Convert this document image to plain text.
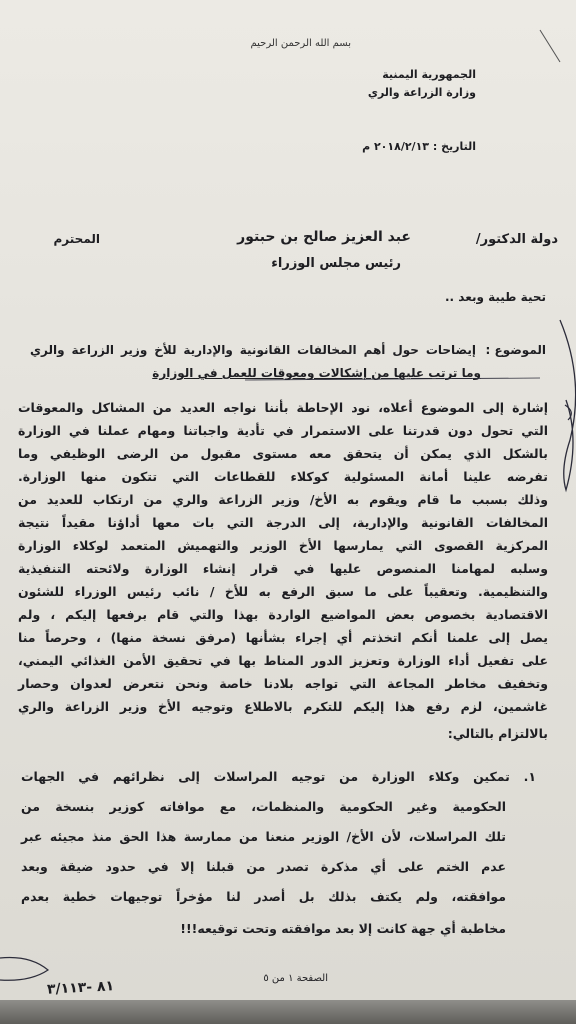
بسم الله الرحمن الرحيم
الجمهورية اليمنية
وزارة الزراعة والري
التاريخ : ٢٠١٨/٢/١٣ م
دولة الدكتور/
عبد العزيز صالح بن حبتور
المحترم
رئيس مجلس الوزراء
تحية طيبة وبعد ..
الموضوع :
إيضاحات حول أهم المخالفات القانونية والإدارية للأخ وزير الزراعة والري
وما ترتب عليها من إشكالات ومعوقات للعمل في الوزارة
إشارة إلى الموضوع أعلاه، نود الإحاطة بأننا نواجه العديد من المشاكل والمعوقات
التي تحول دون قدرتنا على الاستمرار في تأدية واجباتنا ومهام عملنا في الوزارة
بالشكل الذي يمكن أن يتحقق معه مستوى مقبول من الرضى الوظيفي وما
تفرضه علينا أمانة المسئولية كوكلاء للقطاعات التي تتكون منها الوزارة.
وذلك بسبب ما قام ويقوم به الأخ/ وزير الزراعة والري من ارتكاب للعديد من
المخالفات القانونية والإدارية، إلى الدرجة التي بات معها أداؤنا مقيداً نتيجة
المركزية القصوى التي يمارسها الأخ الوزير والتهميش المتعمد لوكلاء الوزارة
وسلبه لمهامنا المنصوص عليها في قرار إنشاء الوزارة ولائحته التنفيذية
والتنظيمية. وتعقيباً على ما سبق الرفع به للأخ / نائب رئيس الوزراء للشئون
الاقتصادية بخصوص بعض المواضيع الواردة بهذا والتي قام برفعها إليكم ، ولم
يصل إلى علمنا أنكم اتخذتم أي إجراء بشأنها (مرفق نسخة منها) ، وحرصاً منا
على تفعيل أداء الوزارة وتعزيز الدور المناط بها في تحقيق الأمن الغذائي اليمني،
وتخفيف مخاطر المجاعة التي تواجه بلادنا خاصة ونحن نتعرض لعدوان وحصار
غاشمين، لزم رفع هذا إليكم للتكرم بالاطلاع وتوجيه الأخ وزير الزراعة والري
بالالتزام بالتالي:
١. تمكين وكلاء الوزارة من توجيه المراسلات إلى نظرائهم في الجهات
الحكومية وغير الحكومية والمنظمات، مع موافاته كوزير بنسخة من
تلك المراسلات، لأن الأخ/ الوزير منعنا من ممارسة هذا الحق منذ مجيئه عبر
عدم الختم على أي مذكرة تصدر من قبلنا إلا في حدود ضيقة وبعد
موافقته، ولم يكتف بذلك بل أصدر لنا مؤخراً توجيهات خطية بعدم
مخاطبة أي جهة كانت إلا بعد موافقته وتحت توقيعه!!!
الصفحة ١ من ٥
٨١ -٣/١١٣
